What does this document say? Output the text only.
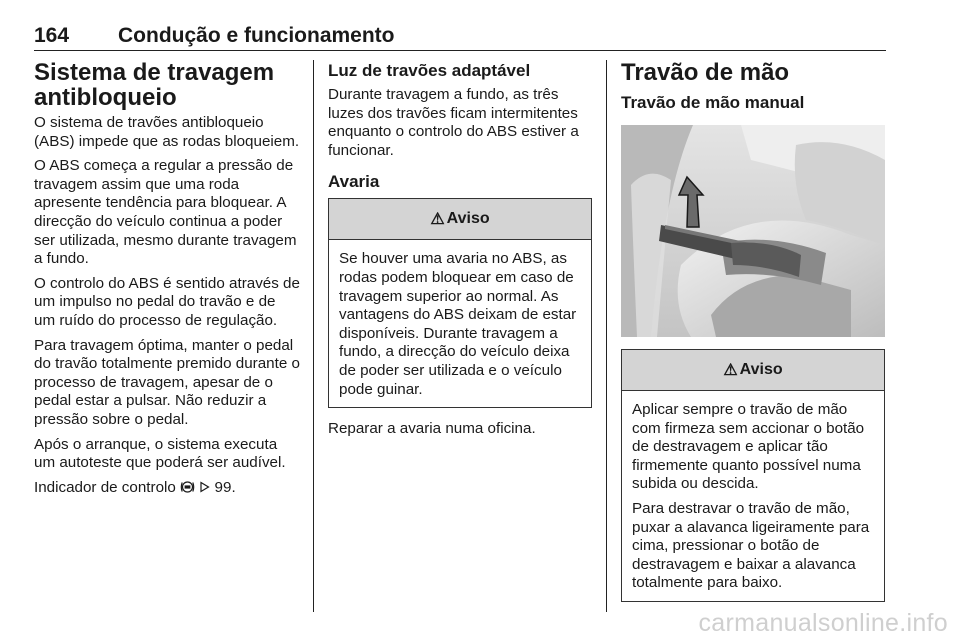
164 Condução e funcionamento
Sistema de travagem antibloqueio

O sistema de travões antibloqueio (ABS) impede que as rodas bloqueiem.

O ABS começa a regular a pressão de travagem assim que uma roda apresente tendência para bloquear. A direcção do veículo continua a poder ser utilizada, mesmo durante travagem a fundo.

O controlo do ABS é sentido através de um impulso no pedal do travão e de um ruído do processo de regulação.

Para travagem óptima, manter o pedal do travão totalmente premido durante o processo de travagem, apesar de o pedal estar a pulsar. Não reduzir a pressão sobre o pedal.

Após o arranque, o sistema executa um autoteste que poderá ser audível.

Indicador de controlo	99.

Luz de travões adaptável

Durante travagem a fundo, as três luzes dos travões ficam intermitentes enquanto o controlo do ABS estiver a funcionar.

Avaria
⚠ Aviso

Se houver uma avaria no ABS, as rodas podem bloquear em caso de travagem superior ao normal. As vantagens do ABS deixam de estar disponíveis. Durante travagem a fundo, a direcção do veículo deixa de poder ser utilizada e o veículo pode guinar.

Reparar a avaria numa oficina.

Travão de mão
Travão de mão manual
⚠ Aviso

Aplicar sempre o travão de mão com firmeza sem accionar o botão de destravagem e aplicar tão firmemente quanto possível numa subida ou descida.

Para destravar o travão de mão, puxar a alavanca ligeiramente para cima, pressionar o botão de destravagem e baixar a alavanca totalmente para baixo.

carmanualsonline.info
